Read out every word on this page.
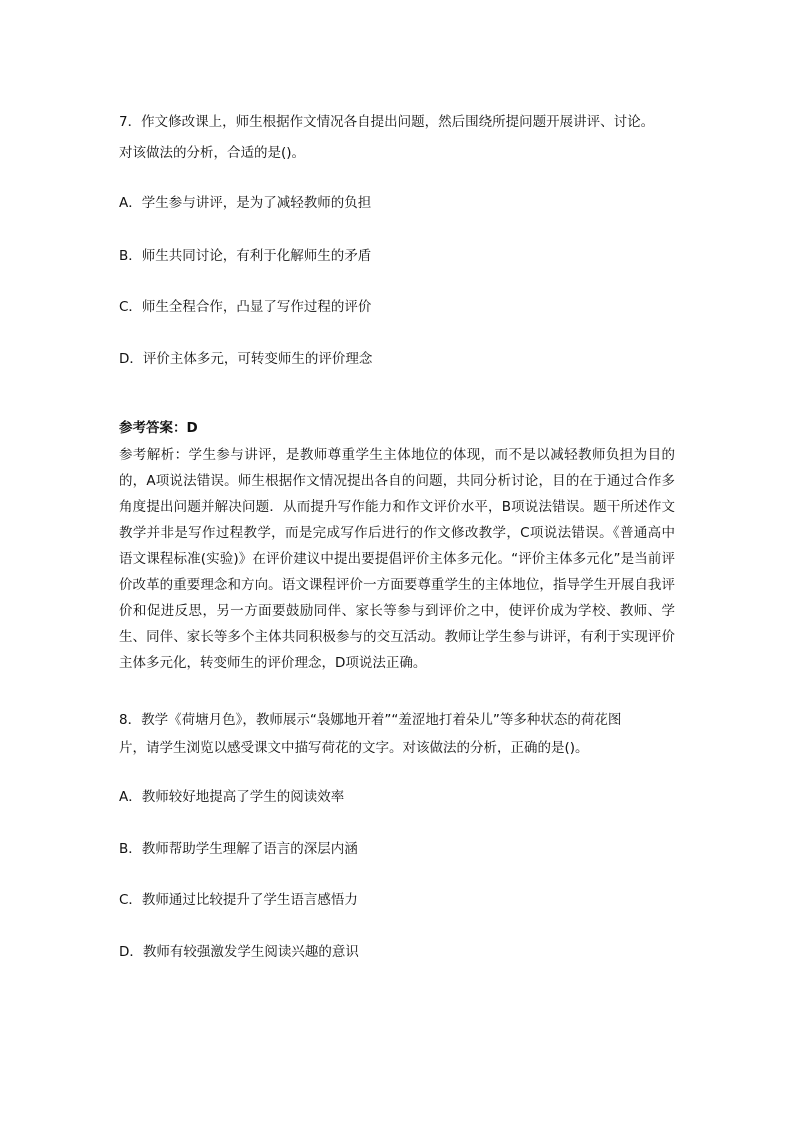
7．作文修改课上，师生根据作文情况各自提出问题，然后围绕所提问题开展讲评、讨论。
对该做法的分析，合适的是()。
A．学生参与讲评，是为了减轻教师的负担
B．师生共同讨论，有利于化解师生的矛盾
C．师生全程合作，凸显了写作过程的评价
D．评价主体多元，可转变师生的评价理念
参考答案：D
参考解析：学生参与讲评，是教师尊重学生主体地位的体现，而不是以减轻教师负担为目的的，A项说法错误。师生根据作文情况提出各自的问题，共同分析讨论，目的在于通过合作多角度提出问题并解决问题．从而提升写作能力和作文评价水平，B项说法错误。题干所述作文教学并非是写作过程教学，而是完成写作后进行的作文修改教学，C项说法错误。《普通高中语文课程标准(实验)》在评价建议中提出要提倡评价主体多元化。“评价主体多元化”是当前评价改革的重要理念和方向。语文课程评价一方面要尊重学生的主体地位，指导学生开展自我评价和促进反思，另一方面要鼓励同伴、家长等参与到评价之中，使评价成为学校、教师、学生、同伴、家长等多个主体共同积极参与的交互活动。教师让学生参与讲评，有利于实现评价主体多元化，转变师生的评价理念，D项说法正确。
8．教学《荷塘月色》，教师展示“袅娜地开着”“羞涩地打着朵儿”等多种状态的荷花图
片，请学生浏览以感受课文中描写荷花的文字。对该做法的分析，正确的是()。
A．教师较好地提高了学生的阅读效率
B．教师帮助学生理解了语言的深层内涵
C．教师通过比较提升了学生语言感悟力
D．教师有较强激发学生阅读兴趣的意识
